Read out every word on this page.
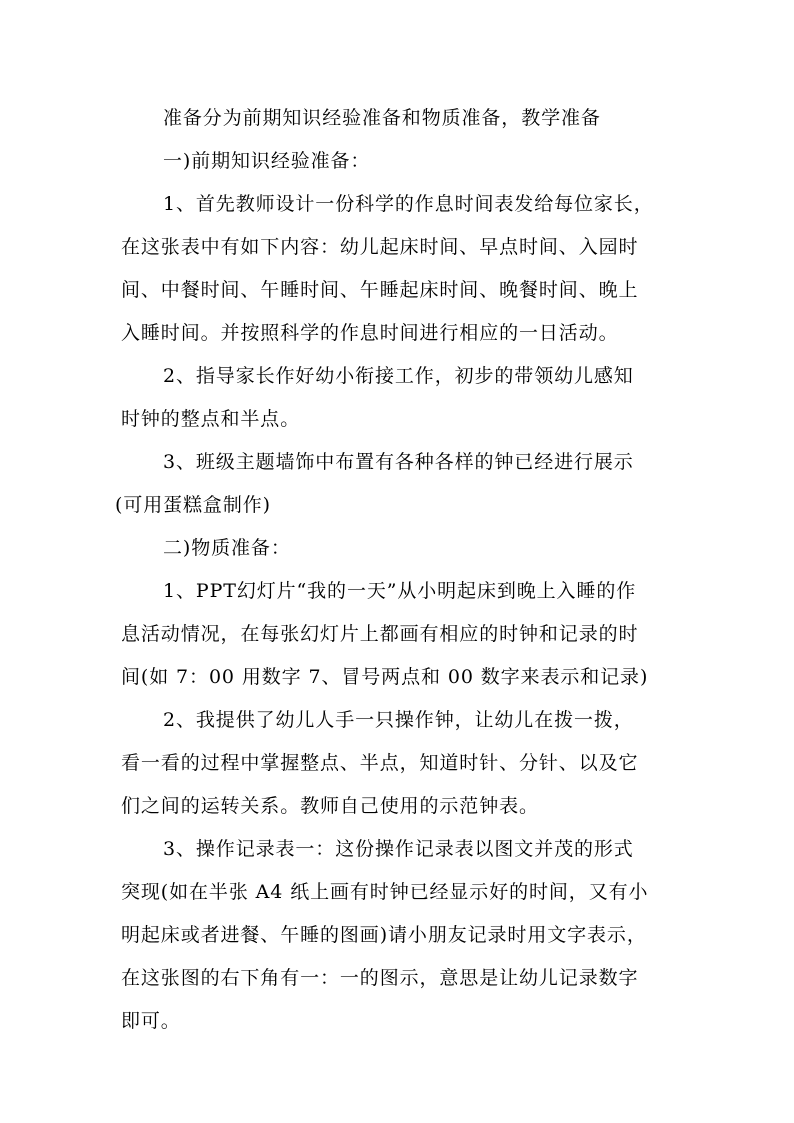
准备分为前期知识经验准备和物质准备，教学准备
一)前期知识经验准备：
1、首先教师设计一份科学的作息时间表发给每位家长，
在这张表中有如下内容：幼儿起床时间、早点时间、入园时
间、中餐时间、午睡时间、午睡起床时间、晚餐时间、晚上
入睡时间。并按照科学的作息时间进行相应的一日活动。
2、指导家长作好幼小衔接工作，初步的带领幼儿感知
时钟的整点和半点。
3、班级主题墙饰中布置有各种各样的钟已经进行展示
(可用蛋糕盒制作)
二)物质准备：
1、PPT幻灯片“我的一天”从小明起床到晚上入睡的作
息活动情况，在每张幻灯片上都画有相应的时钟和记录的时
间(如 7：00 用数字 7、冒号两点和 00 数字来表示和记录)
2、我提供了幼儿人手一只操作钟，让幼儿在拨一拨，
看一看的过程中掌握整点、半点，知道时针、分针、以及它
们之间的运转关系。教师自己使用的示范钟表。
3、操作记录表一：这份操作记录表以图文并茂的形式
突现(如在半张 A4 纸上画有时钟已经显示好的时间，又有小
明起床或者进餐、午睡的图画)请小朋友记录时用文字表示，
在这张图的右下角有一：一的图示，意思是让幼儿记录数字
即可。
